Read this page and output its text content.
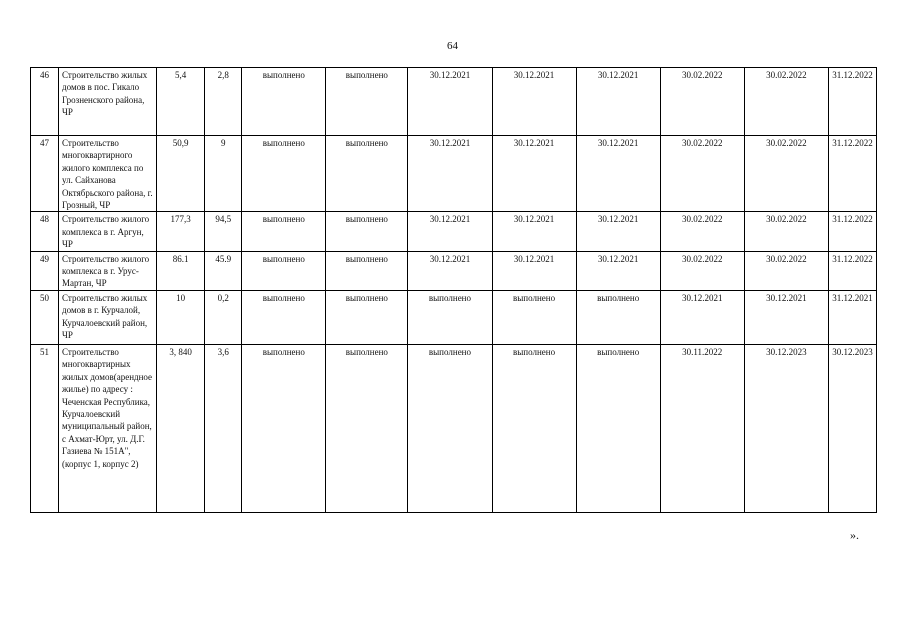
64
46	Строительство жилых домов в пос. Гикало Грозненского района, ЧР	5,4	2,8	выполнено	выполнено	30.12.2021	30.12.2021	30.12.2021	30.02.2022	30.02.2022	31.12.2022
47	Строительство многоквартирного жилого комплекса по ул. Сайханова Октябрьского района, г. Грозный, ЧР	50,9	9	выполнено	выполнено	30.12.2021	30.12.2021	30.12.2021	30.02.2022	30.02.2022	31.12.2022
48	Строительство жилого комплекса в г. Аргун, ЧР	177,3	94,5	выполнено	выполнено	30.12.2021	30.12.2021	30.12.2021	30.02.2022	30.02.2022	31.12.2022
49	Строительство жилого комплекса в г. Урус-Мартан, ЧР	86.1	45.9	выполнено	выполнено	30.12.2021	30.12.2021	30.12.2021	30.02.2022	30.02.2022	31.12.2022
50	Строительство жилых домов в г. Курчалой, Курчалоевский район, ЧР	10	0,2	выполнено	выполнено	выполнено	выполнено	выполнено	30.12.2021	30.12.2021	31.12.2021
51	Строительство многоквартирных жилых домов(арендное жилье) по адресу : Чеченская Республика, Курчалоевский муниципальный район, с Ахмат-Юрт, ул. Д.Г. Газиева № 151А", (корпус 1, корпус 2)	3, 840	3,6	выполнено	выполнено	выполнено	выполнено	выполнено	30.11.2022	30.12.2023	30.12.2023
».
